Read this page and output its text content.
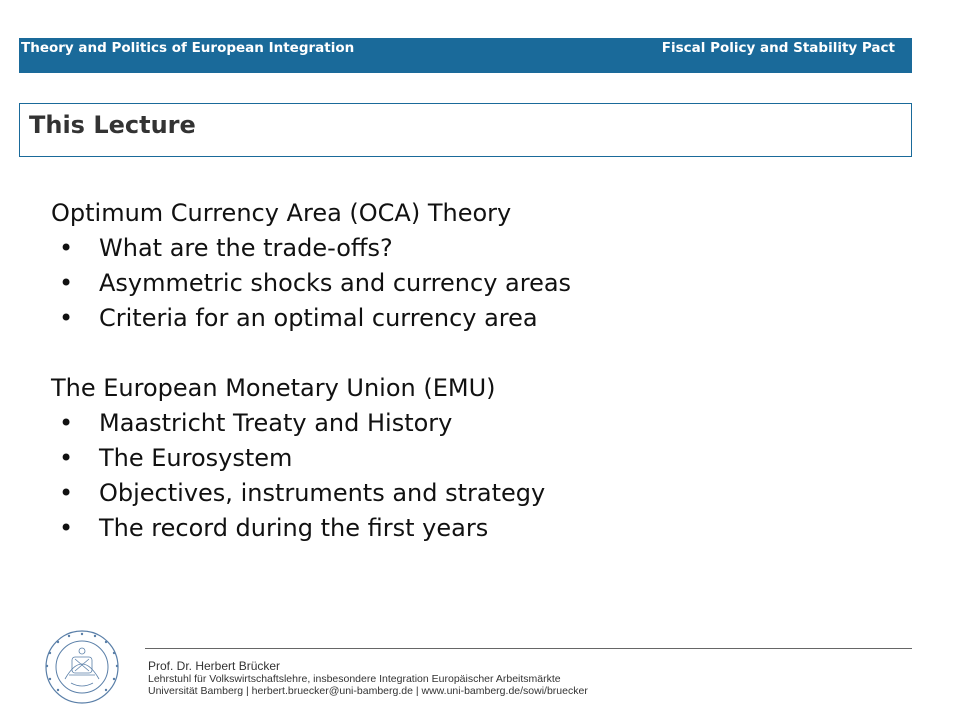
Theory and Politics of European Integration	Fiscal Policy and Stability Pact
This Lecture
Optimum Currency Area (OCA) Theory
• What are the trade-offs?
• Asymmetric shocks and currency areas
• Criteria for an optimal currency area
The European Monetary Union (EMU)
• Maastricht Treaty and History
• The Eurosystem
• Objectives, instruments and strategy
• The record during the first years
Prof. Dr. Herbert Brücker
Lehrstuhl für Volkswirtschaftslehre, insbesondere Integration Europäischer Arbeitsmärkte
Universität Bamberg | herbert.bruecker@uni-bamberg.de | www.uni-bamberg.de/sowi/bruecker
